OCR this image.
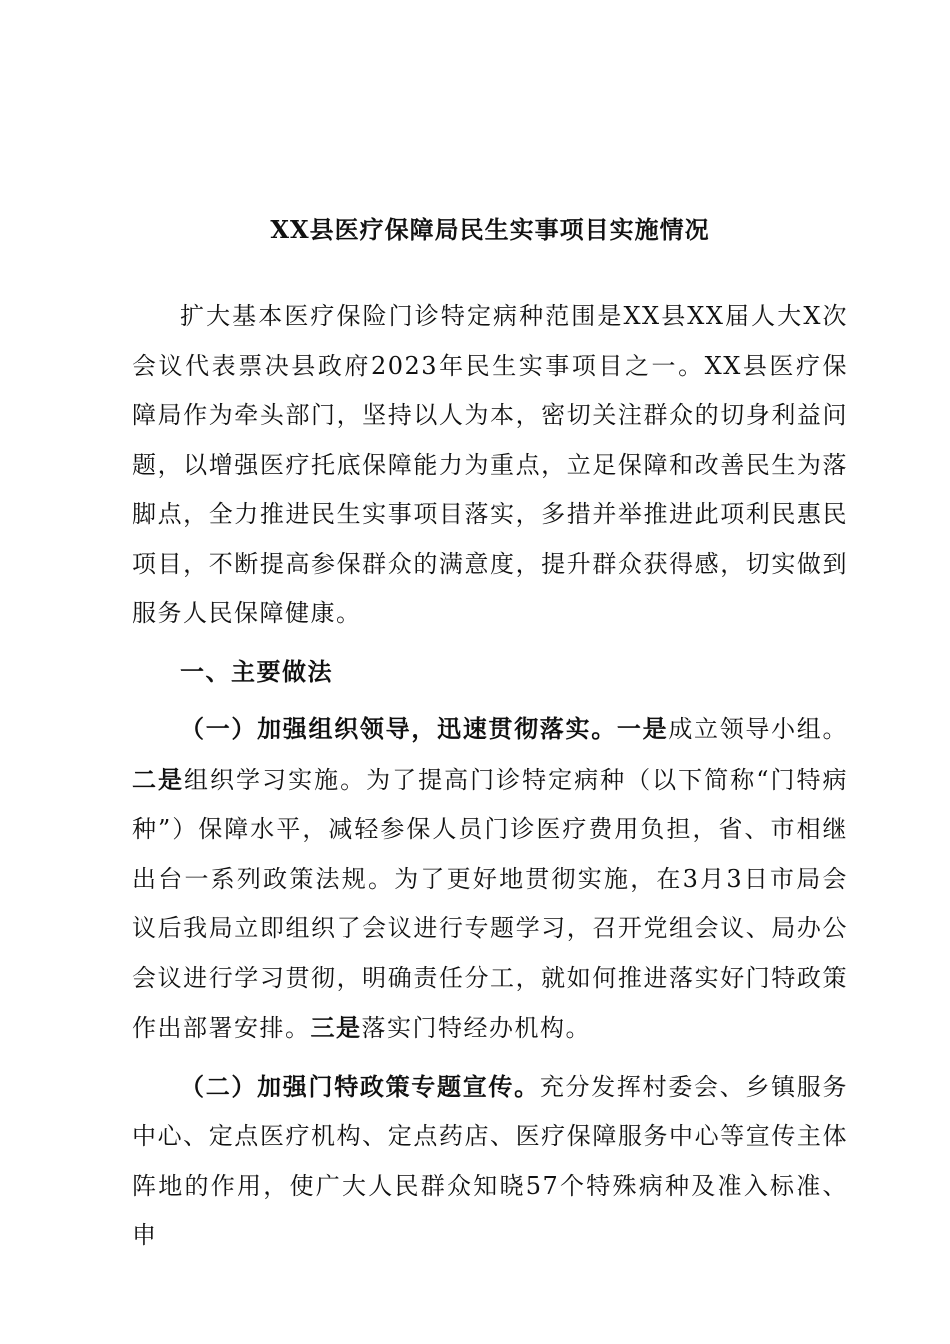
XX县医疗保障局民生实事项目实施情况

扩大基本医疗保险门诊特定病种范围是XX县XX届人大X次会议代表票决县政府2023年民生实事项目之一。XX县医疗保障局作为牵头部门，坚持以人为本，密切关注群众的切身利益问题，以增强医疗托底保障能力为重点，立足保障和改善民生为落脚点，全力推进民生实事项目落实，多措并举推进此项利民惠民项目，不断提高参保群众的满意度，提升群众获得感，切实做到服务人民保障健康。

一、主要做法

（一）加强组织领导，迅速贯彻落实。一是成立领导小组。二是组织学习实施。为了提高门诊特定病种（以下简称“门特病种”）保障水平，减轻参保人员门诊医疗费用负担，省、市相继出台一系列政策法规。为了更好地贯彻实施，在3月3日市局会议后我局立即组织了会议进行专题学习，召开党组会议、局办公会议进行学习贯彻，明确责任分工，就如何推进落实好门特政策作出部署安排。三是落实门特经办机构。

（二）加强门特政策专题宣传。充分发挥村委会、乡镇服务中心、定点医疗机构、定点药店、医疗保障服务中心等宣传主体阵地的作用，使广大人民群众知晓57个特殊病种及准入标准、申
